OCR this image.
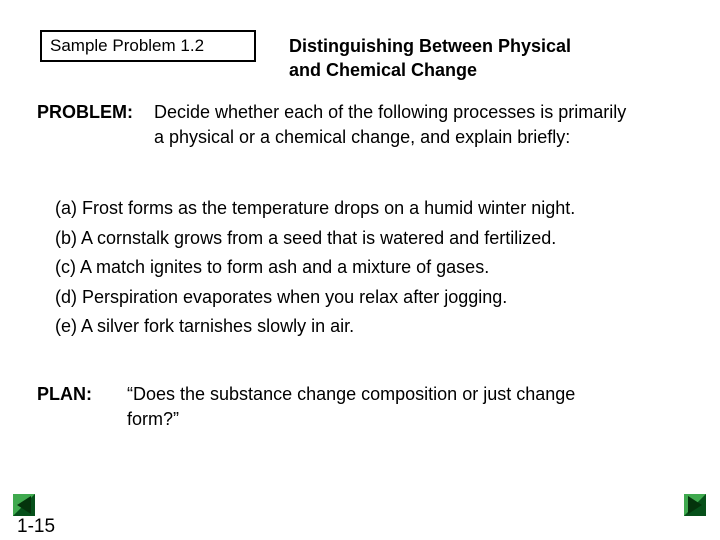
Sample Problem 1.2	Distinguishing Between Physical
and Chemical Change
PROBLEM: Decide whether each of the following processes is primarily
a physical or a chemical change, and explain briefly:
(a) Frost forms as the temperature drops on a humid winter night.
(b) A cornstalk grows from a seed that is watered and fertilized.
(c) A match ignites to form ash and a mixture of gases.
(d) Perspiration evaporates when you relax after jogging.
(e) A silver fork tarnishes slowly in air.
PLAN: “Does the substance change composition or just change
form?”
1-15
